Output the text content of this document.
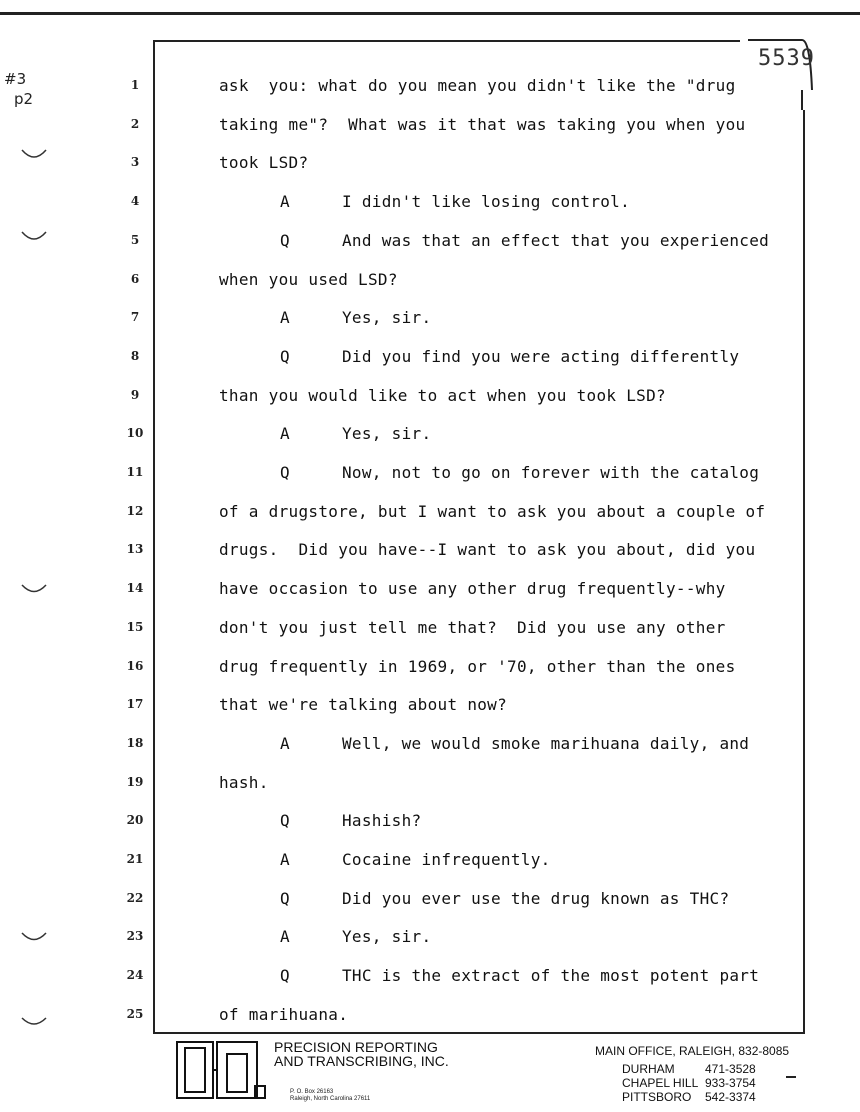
#3
p2
5539
1	ask  you: what do you mean you didn't like the "drug
2	taking me"?  What was it that was taking you when you
3	took LSD?
4	A	I didn't like losing control.
5	Q	And was that an effect that you experienced
6	when you used LSD?
7	A	Yes, sir.
8	Q	Did you find you were acting differently
9	than you would like to act when you took LSD?
10	A	Yes, sir.
11	Q	Now, not to go on forever with the catalog
12	of a drugstore, but I want to ask you about a couple of
13	drugs.  Did you have--I want to ask you about, did you
14	have occasion to use any other drug frequently--why
15	don't you just tell me that?  Did you use any other
16	drug frequently in 1969, or '70, other than the ones
17	that we're talking about now?
18	A	Well, we would smoke marihuana daily, and
19	hash.
20	Q	Hashish?
21	A	Cocaine infrequently.
22	Q	Did you ever use the drug known as THC?
23	A	Yes, sir.
24	Q	THC is the extract of the most potent part
25	of marihuana.
PRECISION REPORTING
AND TRANSCRIBING, INC.
P. O. Box 26163
Raleigh, North Carolina 27611
MAIN OFFICE, RALEIGH, 832-8085
DURHAM	471-3528
CHAPEL HILL 933-3754
PITTSBORO 542-3374
